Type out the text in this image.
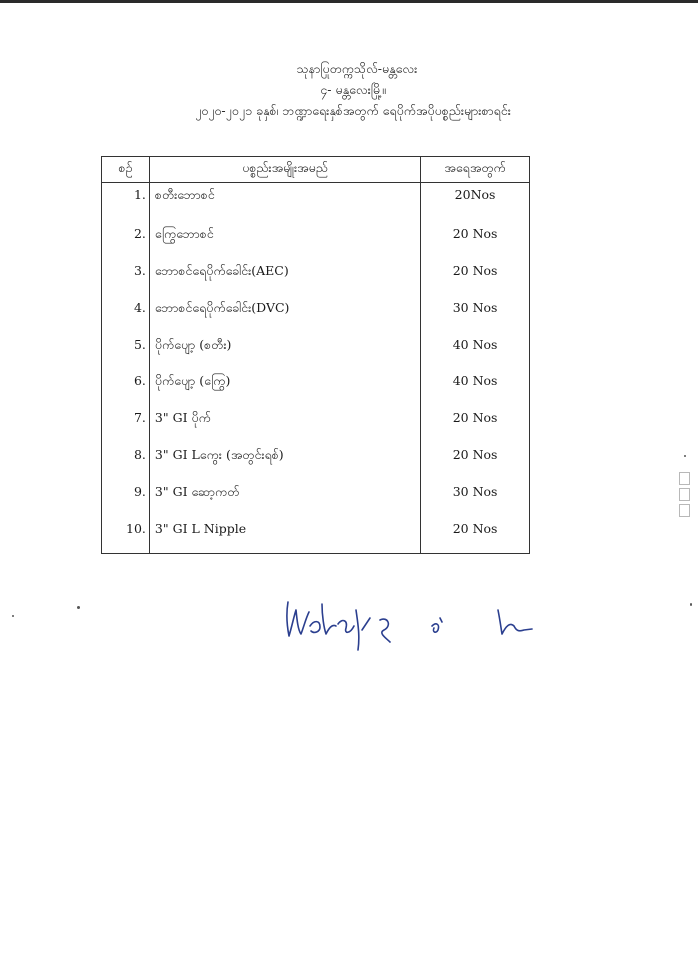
သုနာပြုတက္ကသိုလ်-မန္တလေး
၄- မန္တလေးမြို့။
၂၀၂၀-၂၀၂၁ ခုနှစ်၊ ဘဏ္ဍာရေးနှစ်အတွက် ရေပိုက်အပိုပစ္စည်းများစာရင်း
စဉ်	ပစ္စည်းအမျိုးအမည်	အရေအတွက်
1.	စတီးဘောစင်	20Nos
2.	ကြွေဘောစင်	20 Nos
3.	ဘောစင်ရေပိုက်ခေါင်း(AEC)	20 Nos
4.	ဘောစင်ရေပိုက်ခေါင်း(DVC)	30 Nos
5.	ပိုက်ပျော့ (စတီး)	40 Nos
6.	ပိုက်ပျော့ (ကြွေ)	40 Nos
7.	3" GI ပိုက်	20 Nos
8.	3" GI Lကွေး (အတွင်းရစ်)	20 Nos
9.	3" GI ဆော့ကတ်	30 Nos
10.	3" GI L Nipple	20 Nos
